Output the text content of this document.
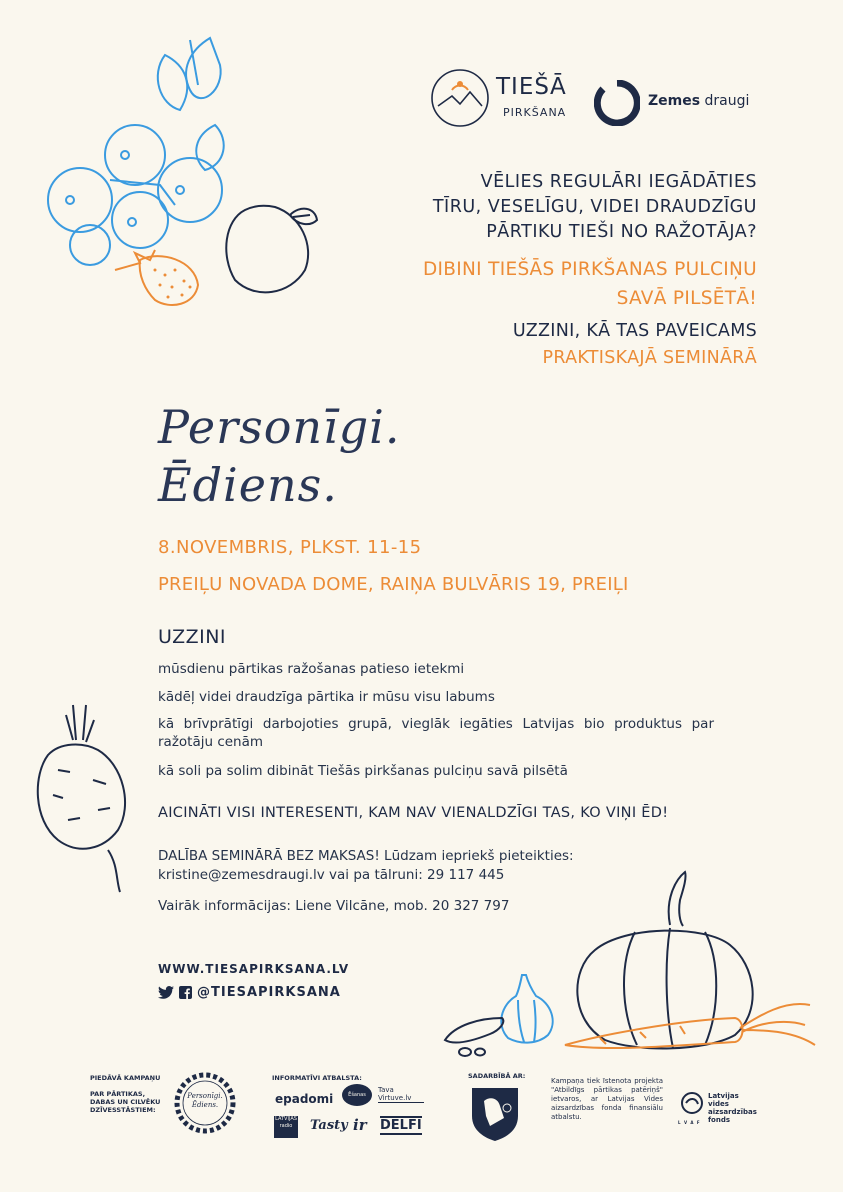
TIEŠĀ
PIRKŠANA
Zemes draugi
VĒLIES REGULĀRI IEGĀDĀTIES
TĪRU, VESELĪGU, VIDEI DRAUDZĪGU
PĀRTIKU TIEŠI NO RAŽOTĀJA?
DIBINI TIEŠĀS PIRKŠANAS PULCIŅU
SAVĀ PILSĒTĀ!
UZZINI, KĀ TAS PAVEICAMS
PRAKTISKAJĀ SEMINĀRĀ
Personīgi.
Ēdiens.
8.NOVEMBRIS, PLKST. 11-15
PREIĻU NOVADA DOME, RAIŅA BULVĀRIS 19, PREIĻI
UZZINI
mūsdienu pārtikas ražošanas patieso ietekmi
kādēļ videi draudzīga pārtika ir mūsu visu labums
kā brīvprātīgi darbojoties grupā, vieglāk iegāties Latvijas bio produktus par ražotāju cenām
kā soli pa solim dibināt Tiešās pirkšanas pulciņu savā pilsētā
AICINĀTI VISI INTERESENTI, KAM NAV VIENALDZĪGI TAS, KO VIŅI ĒD!
DALĪBA SEMINĀRĀ BEZ MAKSAS! Lūdzam iepriekš pieteikties:
kristine@zemesdraugi.lv vai pa tālruni: 29 117 445
Vairāk informācijas: Liene Vilcāne, mob. 20 327 797
WWW.TIESAPIRKSANA.LV
@TIESAPIRKSANA
PIEDĀVĀ KAMPAŅU
PAR PĀRTIKAS, DABAS UN CILVĒKU DZĪVESSTĀSTIEM:
Personīgi.
Ēdiens.
INFORMATĪVI ATBALSTA:
epadomi	Ēšanas
Tava Virtuve.lv
LATVIJAS radio	Tasty ir DELFI
SADARBĪBĀ AR:
Kampaņa tiek īstenota projekta "Atbildīgs pārtikas patēriņš" ietvaros, ar Latvijas Vides aizsardzības fonda finansiālu atbalstu.
L V A F
Latvijas
vides
aizsardzības
fonds
